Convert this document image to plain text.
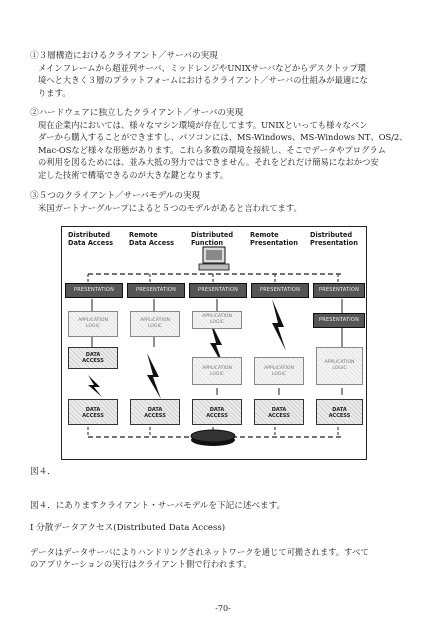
①３層構造におけるクライアント／サーバの実現

メインフレームから超並列サーバ、ミッドレンジやUNIXサーバなどからデスクトップ環
境へと大きく３層のプラットフォームにおけるクライアント／サーバの仕組みが最適にな
ります。

②ハードウェアに独立したクライアント／サーバの実現

現在企業内においては、様々なマシン環境が存在してます。UNIXといっても様々なベン
ダーから購入することができますし、パソコンには、MS-Windows、MS-Windows NT、OS/2、
Mac-OSなど様々な形態があります。これら多数の環境を接続し、そこでデータやプログラム
の利用を図るためには、並み大抵の努力ではできません。それをどれだけ簡易になおかつ安
定した技術で構築できるのが大きな鍵となります。

③５つのクライアント／サーバモデルの実現

米国ガートナーグループによると５つのモデルがあると言われてます。

Distributed
Data Access
Remote
Data Access
Distributed
Function
Remote
Presentation
Distributed
Presentation
PRESENTATION	PRESENTATION	PRESENTATION	PRESENTATION	PRESENTATION
PRESENTATION
APPLICATION
LOGIC
APPLICATION
LOGIC
APPLICATION
LOGIC
DATA
ACCESS
APPLICATION
LOGIC
APPLICATION
LOGIC
APPLICATION
LOGIC
DATA
ACCESS
DATA
ACCESS
DATA
ACCESS
DATA
ACCESS
DATA
ACCESS
図４．
図４．にありますクライアント・サーバモデルを下記に述べます。
Ⅰ 分散データアクセス(Distributed Data Access)

データはデータサーバによりハンドリングされネットワークを通じて可搬されます。すべて
のアプリケーションの実行はクライアント側で行われます。

-70-
